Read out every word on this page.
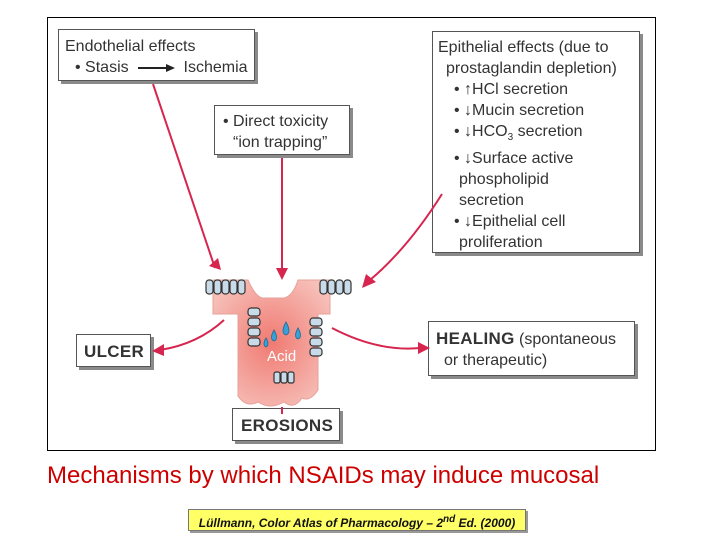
Endothelial effects
• Stasis	Ischemia
• Direct toxicity
“ion trapping”
Epithelial effects (due to
prostaglandin depletion)
• ↑HCl secretion
• ↓Mucin secretion
• $↓HCO_3$ secretion
• ↓Surface active
phospholipid
secretion
• ↓Epithelial cell
proliferation
ULCER
HEALING (spontaneous
or therapeutic)
EROSIONS
Acid
Mechanisms by which NSAIDs may induce mucosal
Lüllmann, Color Atlas of Pharmacology – 2nd Ed. (2000)
